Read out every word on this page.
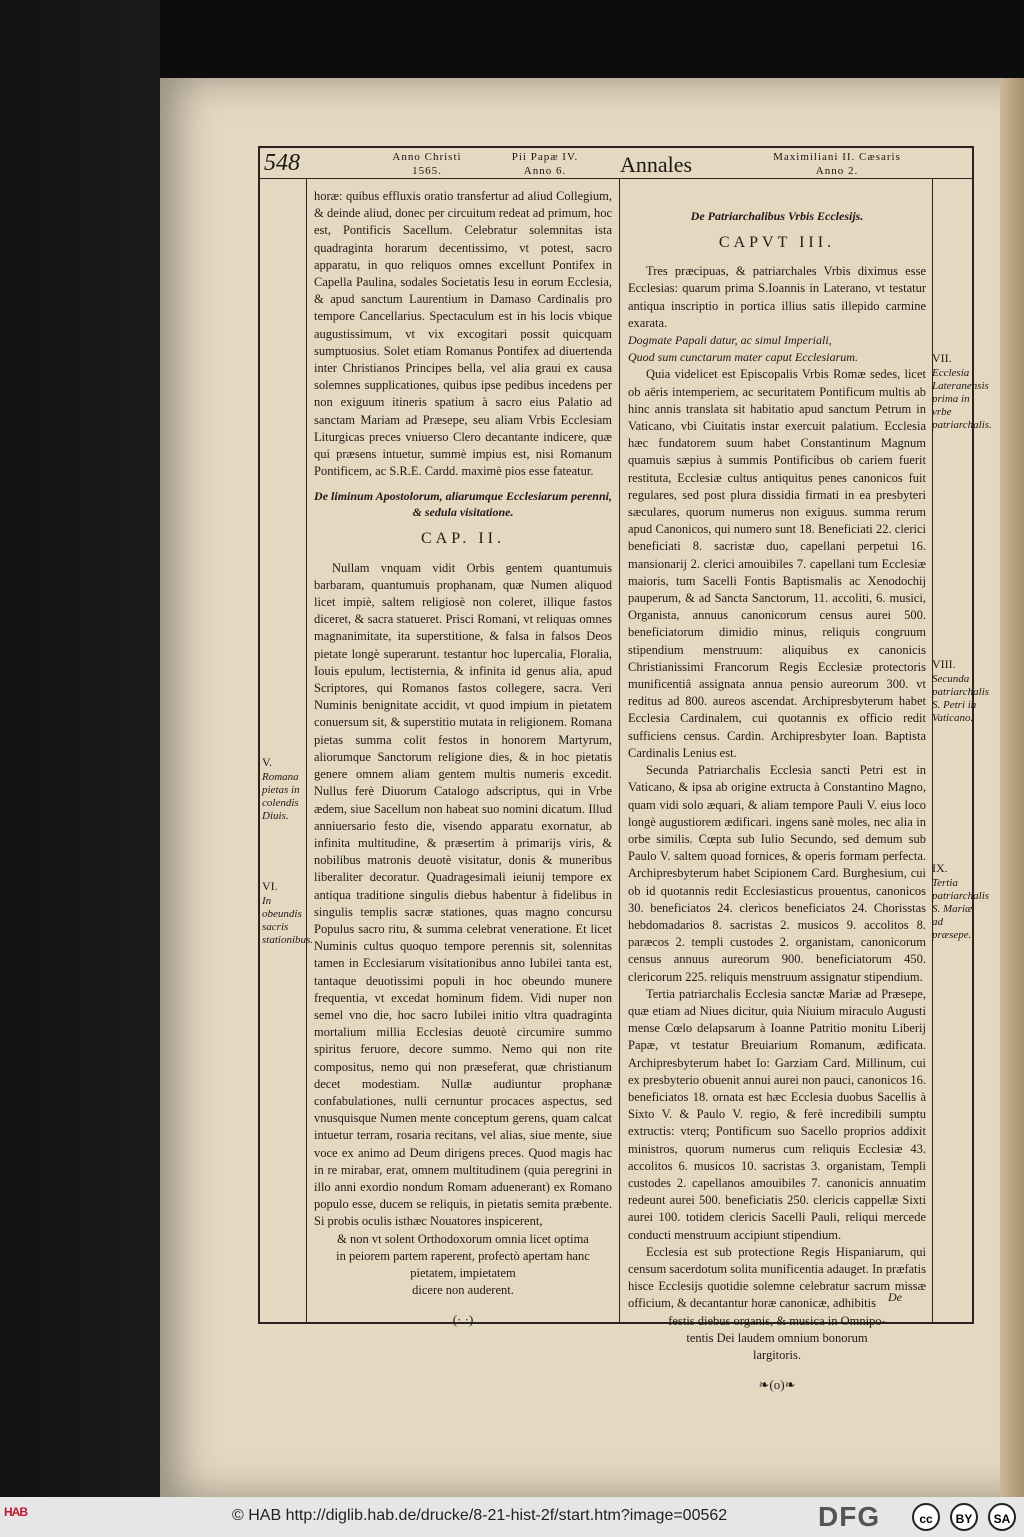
548	Anno Christi
1565.
Pii Papæ IV.
Anno 6.	Annales	Maximiliani II. Cæsaris
Anno 2.

horæ: quibus effluxis oratio transfertur ad aliud Collegium, & deinde aliud, donec per circuitum redeat ad primum, hoc est, Pontificis Sacellum. Celebratur solemnitas ista quadraginta horarum decentissimo, vt potest, sacro apparatu, in quo reliquos omnes excellunt Pontifex in Capella Paulina, sodales Societatis Iesu in eorum Ecclesia, & apud sanctum Laurentium in Damaso Cardinalis pro tempore Cancellarius. Spectaculum est in his locis vbique augustissimum, vt vix excogitari possit quicquam sumptuosius. Solet etiam Romanus Pontifex ad diuertenda inter Christianos Principes bella, vel alia graui ex causa solemnes supplicationes, quibus ipse pedibus incedens per non exiguum itineris spatium à sacro eius Palatio ad sanctam Mariam ad Præsepe, seu aliam Vrbis Ecclesiam Liturgicas preces vniuerso Clero decantante indicere, quæ qui præsens intuetur, summè impius est, nisi Romanum Pontificem, ac S.R.E. Cardd. maximè pios esse fateatur.

De liminum Apostolorum, aliarumque Ecclesiarum perenni, & sedula visitatione.
CAP. II.

Nullam vnquam vidit Orbis gentem quantumuis barbaram, quantumuis prophanam, quæ Numen aliquod licet impiè, saltem religiosè non coleret, illique fastos diceret, & sacra statueret. Prisci Romani, vt reliquas omnes magnanimitate, ita superstitione, & falsa in falsos Deos pietate longè superarunt. testantur hoc lupercalia, Floralia, Iouis epulum, lectisternia, & infinita id genus alia, apud Scriptores, qui Romanos fastos collegere, sacra. Veri Numinis benignitate accidit, vt quod impium in pietatem conuersum sit, & superstitio mutata in religionem. Romana pietas summa colit festos in honorem Martyrum, aliorumque Sanctorum religione dies, & in hoc pietatis genere omnem aliam gentem multis numeris excedit. Nullus ferè Diuorum Catalogo adscriptus, qui in Vrbe ædem, siue Sacellum non habeat suo nomini dicatum. Illud anniuersario festo die, visendo apparatu exornatur, ab infinita multitudine, & præsertim à primarijs viris, & nobilibus matronis deuotè visitatur, donis & muneribus liberaliter decoratur. Quadragesimali ieiunij tempore ex antiqua traditione singulis diebus habentur à fidelibus in singulis templis sacræ stationes, quas magno concursu Populus sacro ritu, & summa celebrat veneratione. Et licet Numinis cultus quoquo tempore perennis sit, solennitas tamen in Ecclesiarum visitationibus anno Iubilei tanta est, tantaque deuotissimi populi in hoc obeundo munere frequentia, vt excedat hominum fidem. Vidi nuper non semel vno die, hoc sacro Iubilei initio vltra quadraginta mortalium millia Ecclesias deuotè circumire summo spiritus feruore, decore summo. Nemo qui non rite compositus, nemo qui non præseferat, quæ christianum decet modestiam. Nullæ audiuntur prophanæ confabulationes, nulli cernuntur procaces aspectus, sed vnusquisque Numen mente conceptum gerens, quam calcat intuetur terram, rosaria recitans, vel alias, siue mente, siue voce ex animo ad Deum dirigens preces. Quod magis hac in re mirabar, erat, omnem multitudinem (quia peregrini in illo anni exordio nondum Romam aduenerant) ex Romano populo esse, ducem se reliquis, in pietatis semita præbente. Si probis oculis isthæc Nouatores inspicerent,

& non vt solent Orthodoxorum omnia licet optima
in peiorem partem raperent, profectò apertam hanc pietatem, impietatem
dicere non auderent.
(·.·)
De Patriarchalibus Vrbis Ecclesijs.
CAPVT III.

Tres præcipuas, & patriarchales Vrbis diximus esse Ecclesias: quarum prima S.Ioannis in Laterano, vt testatur antiqua inscriptio in portica illius satis illepido carmine exarata.

Dogmate Papali datur, ac simul Imperiali,

Quod sum cunctarum mater caput Ecclesiarum.

Quia videlicet est Episcopalis Vrbis Romæ sedes, licet ob aëris intemperiem, ac securitatem Pontificum multis ab hinc annis translata sit habitatio apud sanctum Petrum in Vaticano, vbi Ciuitatis instar exercuit palatium. Ecclesia hæc fundatorem suum habet Constantinum Magnum quamuis sæpius à summis Pontificibus ob cariem fuerit restituta, Ecclesiæ cultus antiquitus penes canonicos fuit regulares, sed post plura dissidia firmati in ea presbyteri sæculares, quorum numerus non exiguus. summa rerum apud Canonicos, qui numero sunt 18. Beneficiati 22. clerici beneficiati 8. sacristæ duo, capellani perpetui 16. mansionarij 2. clerici amouibiles 7. capellani tum Ecclesiæ maioris, tum Sacelli Fontis Baptismalis ac Xenodochij pauperum, & ad Sancta Sanctorum, 11. accoliti, 6. musici, Organista, annuus canonicorum census aurei 500. beneficiatorum dimidio minus, reliquis congruum stipendium menstruum: aliquibus ex canonicis Christianissimi Francorum Regis Ecclesiæ protectoris munificentiâ assignata annua pensio aureorum 300. vt reditus ad 800. aureos ascendat. Archipresbyterum habet Ecclesia Cardinalem, cui quotannis ex officio redit sufficiens census. Cardin. Archipresbyter Ioan. Baptista Cardinalis Lenius est.

Secunda Patriarchalis Ecclesia sancti Petri est in Vaticano, & ipsa ab origine extructa à Constantino Magno, quam vidi solo æquari, & aliam tempore Pauli V. eius loco longè augustiorem ædificari. ingens sanè moles, nec alia in orbe similis. Cœpta sub Iulio Secundo, sed demum sub Paulo V. saltem quoad fornices, & operis formam perfecta. Archipresbyterum habet Scipionem Card. Burghesium, cui ob id quotannis redit Ecclesiasticus prouentus, canonicos 30. beneficiatos 24. clericos beneficiatos 24. Chorisstas hebdomadarios 8. sacristas 2. musicos 9. accolitos 8. paræcos 2. templi custodes 2. organistam, canonicorum census annuus aureorum 900. beneficiatorum 450. clericorum 225. reliquis menstruum assignatur stipendium.

Tertia patriarchalis Ecclesia sanctæ Mariæ ad Præsepe, quæ etiam ad Niues dicitur, quia Niuium miraculo Augusti mense Cœlo delapsarum à Ioanne Patritio monitu Liberij Papæ, vt testatur Breuiarium Romanum, ædificata. Archipresbyterum habet Io: Garziam Card. Millinum, cui ex presbyterio obuenit annui aurei non pauci, canonicos 16. beneficiatos 18. ornata est hæc Ecclesia duobus Sacellis à Sixto V. & Paulo V. regio, & ferè incredibili sumptu extructis: vterq; Pontificum suo Sacello proprios addixit ministros, quorum numerus cum reliquis Ecclesiæ 43. accolitos 6. musicos 10. sacristas 3. organistam, Templi custodes 2. capellanos amouibiles 7. canonicis annuatim redeunt aurei 500. beneficiatis 250. clericis cappellæ Sixti aurei 100. totidem clericis Sacelli Pauli, reliqui mercede conducti menstruum accipiunt stipendium.

Ecclesia est sub protectione Regis Hispaniarum, qui censum sacerdotum solita munificentia adauget. In præfatis hisce Ecclesijs quotidie solemne celebratur sacrum missæ officium, & decantantur horæ canonicæ, adhibitis

festis diebus organis, & musica in Omnipo-
tentis Dei laudem omnium bonorum
largitoris.
❧(o)❧
V.
Romana pietas in colendis Diuis.
VI.
In obeundis sacris stationibus.
VII.
Ecclesia Lateranensis prima in vrbe patriarchalis.
VIII.
Secunda patriarchalis S. Petri in Vaticano.
IX.
Tertia patriarchalis S. Mariæ ad præsepe.
De
HAB	© HAB http://diglib.hab.de/drucke/8-21-hist-2f/start.htm?image=00562	DFG	cc	BY	SA
